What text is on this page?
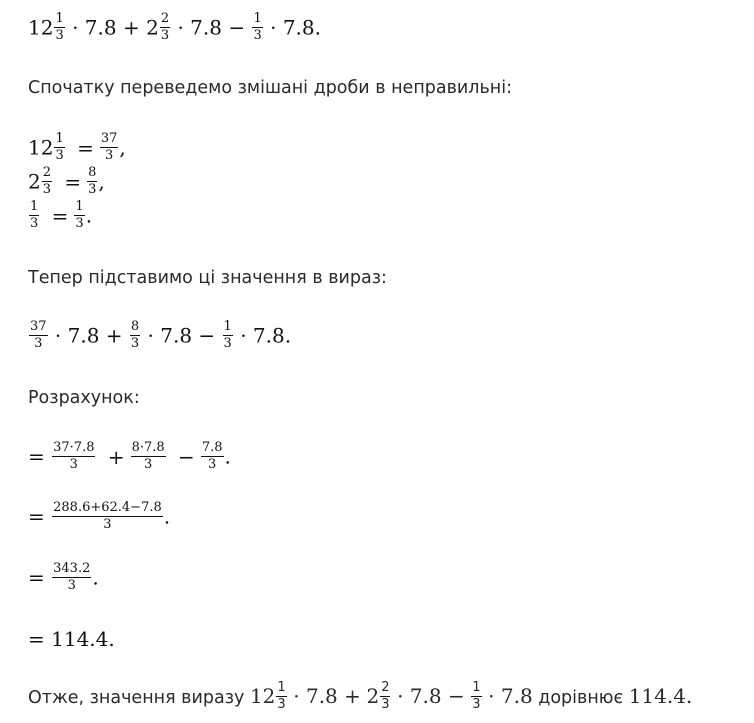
$12 \frac{1}{3} \cdot 7.8 + 2 \frac{2}{3} \cdot 7.8 - \frac{1}{3} \cdot 7.8$.
Спочатку переведемо змішані дроби в неправильні:
$12 \frac{1}{3} = \frac{37}{3}$ ,
$2 \frac{2}{3} = \frac{8}{3}$ ,
$\frac{1}{3} = \frac{1}{3}$ .
Тепер підставимо ці значення в вираз:
$\frac{37}{3} \cdot 7.8 + \frac{8}{3} \cdot 7.8 - \frac{1}{3} \cdot 7.8$.
Розрахунок:
= $\frac{37\cdot 7.8}{3} + \frac{8\cdot 7.8}{3} - \frac{7.8}{3}$ .
= $\frac{288.6+62.4-7.8}{3}$ .
= $\frac{343.2}{3}$ .
= 114.4.
Отже, значення виразу $12 \frac{1}{3} \cdot 7.8 + 2 \frac{2}{3} \cdot 7.8 - \frac{1}{3} \cdot 7.8$ дорівнює 114.4.
